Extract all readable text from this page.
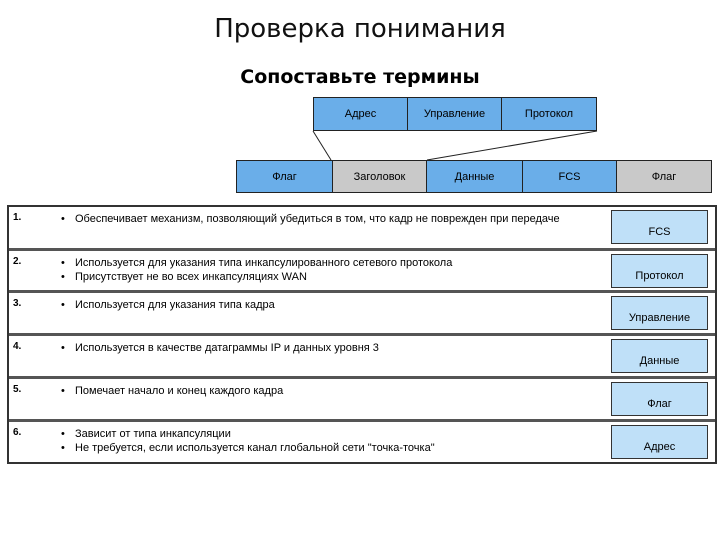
Проверка понимания
Сопоставьте термины
Адрес	Управление	Протокол
Флаг	Заголовок	Данные	FCS	Флаг
1.	• Обеспечивает механизм, позволяющий убедиться в том, что кадр не поврежден при передаче
FCS
2.	• Используется для указания типа инкапсулированного сетевого протокола
• Присутствует не во всех инкапсуляциях WAN	Протокол
3.	• Используется для указания типа кадра
Управление
4.	• Используется в качестве датаграммы IP и данных уровня 3
Данные
5.	• Помечает начало и конец каждого кадра
Флаг
6.	• Зависит от типа инкапсуляции
• Не требуется, если используется канал глобальной сети "точка-точка"	Адрес
